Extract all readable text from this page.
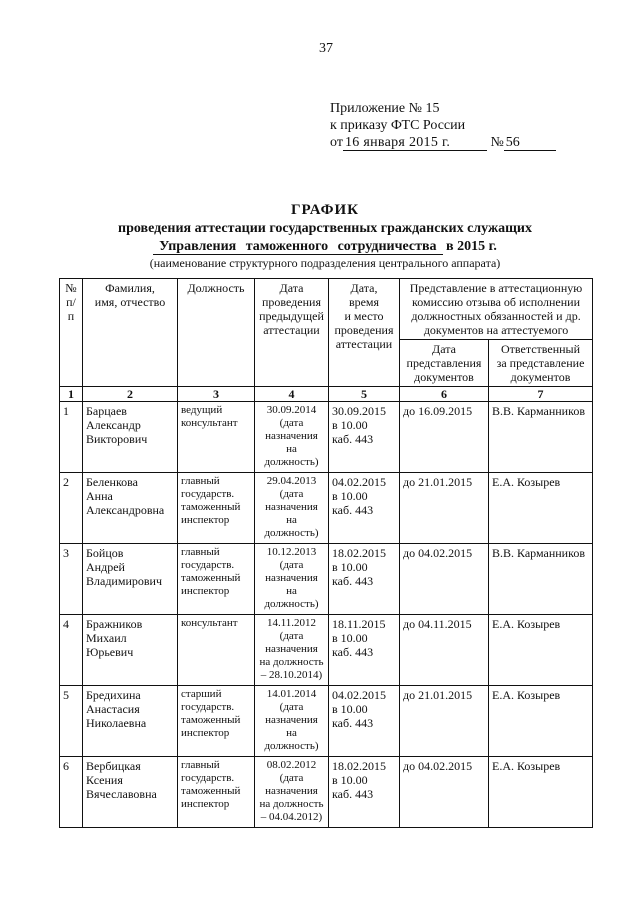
37
Приложение № 15
к приказу ФТС России
от 16 января 2015 г.	№ 56
ГРАФИК
проведения аттестации государственных гражданских служащих
Управления таможенного сотрудничества в 2015 г.
(наименование структурного подразделения центрального аппарата)
№
п/п	Фамилия,
имя, отчество	Должность	Дата
проведения
предыдущей
аттестации	Дата,
время
и место
проведения
аттестации	Представление в аттестационную комиссию отзыва об исполнении должностных обязанностей и др. документов на аттестуемого	
					Дата
представления
документов	Ответственный
за представление
документов
1	2	3	4	5	6	7
1	Барцаев
Александр
Викторович	ведущий
консультант	30.09.2014
(дата
назначения
на
должность)	30.09.2015
в 10.00
каб. 443	до 16.09.2015	В.В. Карманников
2	Беленкова
Анна
Александровна	главный
государств.
таможенный
инспектор	29.04.2013
(дата
назначения
на
должность)	04.02.2015
в 10.00
каб. 443	до 21.01.2015	Е.А. Козырев
3	Бойцов
Андрей
Владимирович	главный
государств.
таможенный
инспектор	10.12.2013
(дата
назначения
на
должность)	18.02.2015
в 10.00
каб. 443	до 04.02.2015	В.В. Карманников
4	Бражников
Михаил
Юрьевич	консультант	14.11.2012
(дата
назначения
на должность
– 28.10.2014)	18.11.2015
в 10.00
каб. 443	до 04.11.2015	Е.А. Козырев
5	Бредихина
Анастасия
Николаевна	старший
государств.
таможенный
инспектор	14.01.2014
(дата
назначения
на
должность)	04.02.2015
в 10.00
каб. 443	до 21.01.2015	Е.А. Козырев
6	Вербицкая
Ксения
Вячеславовна	главный
государств.
таможенный
инспектор	08.02.2012
(дата
назначения
на должность
– 04.04.2012)	18.02.2015
в 10.00
каб. 443	до 04.02.2015	Е.А. Козырев
